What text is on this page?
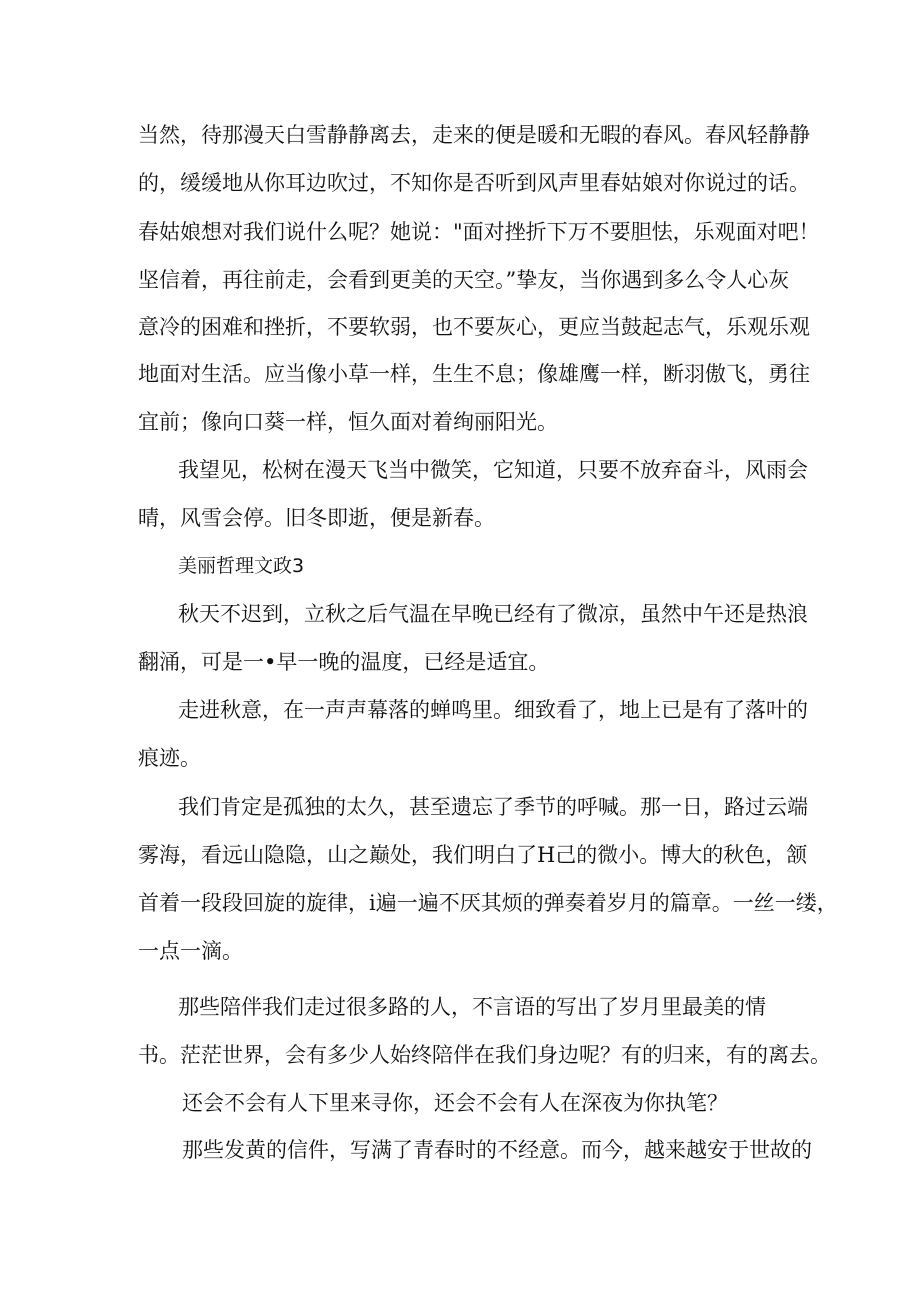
当然，待那漫天白雪静静离去，走来的便是暖和无暇的春风。春风轻静静
的，缓缓地从你耳边吹过，不知你是否听到风声里春姑娘对你说过的话。
春姑娘想对我们说什么呢？她说："面对挫折下万不要胆怯，乐观面对吧！
坚信着，再往前走，会看到更美的天空。”挚友，当你遇到多么令人心灰
意冷的困难和挫折，不要软弱，也不要灰心，更应当鼓起志气，乐观乐观
地面对生活。应当像小草一样，生生不息；像雄鹰一样，断羽傲飞，勇往
宜前；像向口葵一样，恒久面对着绚丽阳光。
我望见，松树在漫天飞当中微笑，它知道，只要不放弃奋斗，风雨会
晴，风雪会停。旧冬即逝，便是新春。
美丽哲理文政3
秋天不迟到，立秋之后气温在早晚已经有了微凉，虽然中午还是热浪
翻涌，可是一•早一晚的温度，已经是适宜。
走进秋意，在一声声幕落的蝉鸣里。细致看了，地上已是有了落叶的
痕迹。
我们肯定是孤独的太久，甚至遗忘了季节的呼喊。那一日，路过云端
雾海，看远山隐隐，山之巅处，我们明白了H己的微小。博大的秋色，颔
首着一段段回旋的旋律，i遍一遍不厌其烦的弹奏着岁月的篇章。一丝一缕，
一点一滴。
那些陪伴我们走过很多路的人，不言语的写出了岁月里最美的情
书。茫茫世界，会有多少人始终陪伴在我们身边呢？有的归来，有的离去。
还会不会有人下里来寻你，还会不会有人在深夜为你执笔？
那些发黄的信件，写满了青春时的不经意。而今，越来越安于世故的
